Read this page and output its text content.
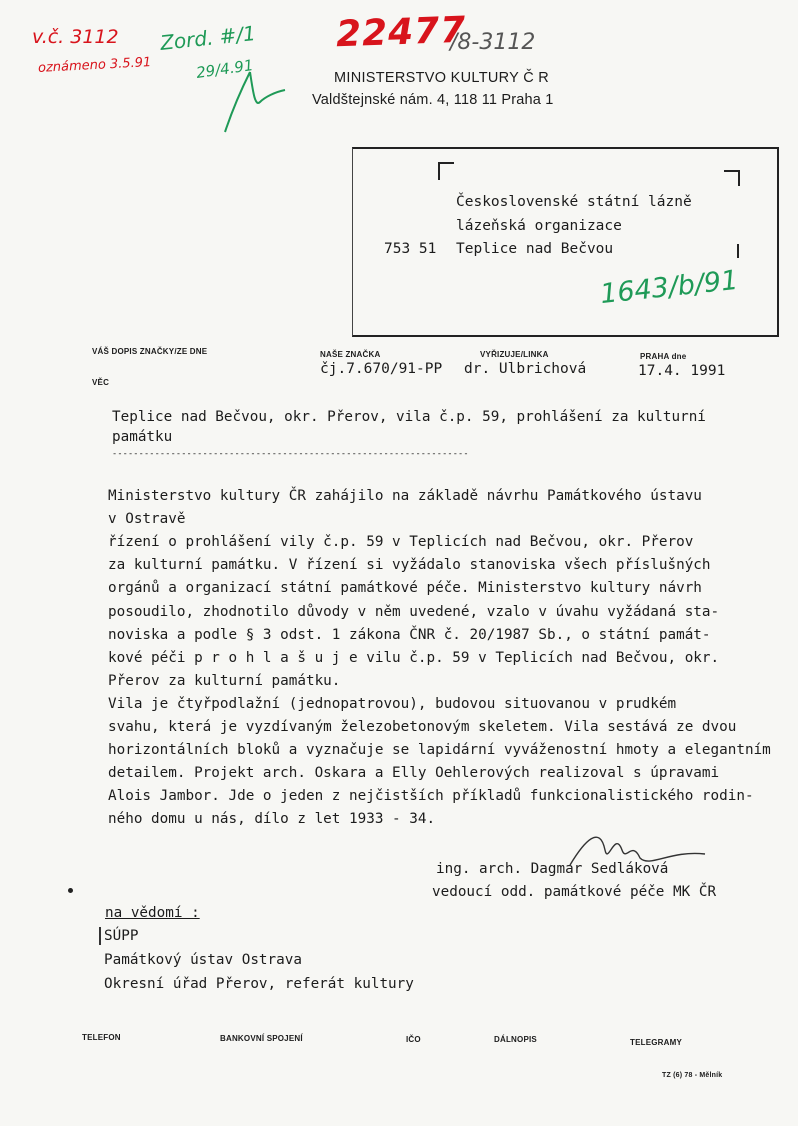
v.č. 3112
oznámeno 3.5.91
Zord. #/1
29/4.91
22477
/8-3112
MINISTERSTVO KULTURY Č R
Valdštejnské nám. 4, 118 11 Praha 1
Československé státní lázně
lázeňská organizace
753 51 Teplice nad Bečvou
1643/b/91
VÁŠ DOPIS ZNAČKY/ZE DNE	NAŠE ZNAČKA
čj.7.670/91-PP
VYŘIZUJE/LINKA
dr. Ulbrichová
PRAHA dne
17.4. 1991
VĚC
Teplice nad Bečvou, okr. Přerov, vila č.p. 59, prohlášení za kulturní
památku
-------------------------------------------------------------------
Ministerstvo kultury ČR zahájilo na základě návrhu Památkového ústavu
v Ostravě
řízení o prohlášení vily č.p. 59 v Teplicích nad Bečvou, okr. Přerov
za kulturní památku. V řízení si vyžádalo stanoviska všech příslušných
orgánů a organizací státní památkové péče. Ministerstvo kultury návrh
posoudilo, zhodnotilo důvody v něm uvedené, vzalo v úvahu vyžádaná sta-
noviska a podle § 3 odst. 1 zákona ČNR č. 20/1987 Sb., o státní památ-
kové péči p r o h l a š u j e vilu č.p. 59 v Teplicích nad Bečvou, okr.
Přerov za kulturní památku.
Vila je čtyřpodlažní (jednopatrovou), budovou situovanou v prudkém
svahu, která je vyzdívaným železobetonovým skeletem. Vila sestává ze dvou
horizontálních bloků a vyznačuje se lapidární vyváženostní hmoty a elegantním
detailem. Projekt arch. Oskara a Elly Oehlerových realizoval s úpravami
Alois Jambor. Jde o jeden z nejčistších příkladů funkcionalistického rodin-
ného domu u nás, dílo z let 1933 - 34.
ing. arch. Dagmar Sedláková
vedoucí odd. památkové péče MK ČR
na vědomí :
SÚPP
Památkový ústav Ostrava
Okresní úřad Přerov, referát kultury
TELEFON	BANKOVNÍ SPOJENÍ	IČO	DÁLNOPIS	TELEGRAMY
TZ (6) 78 - Mělník
